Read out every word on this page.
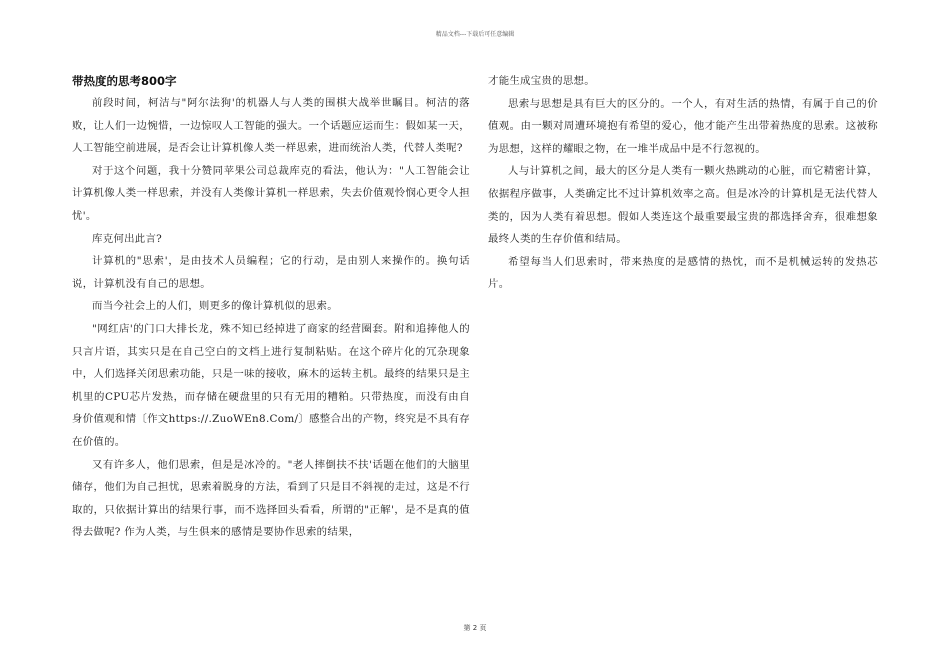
精品文档---下载后可任意编辑
带热度的思考800字

前段时间，柯洁与"阿尔法狗'的机器人与人类的围棋大战举世瞩目。柯洁的落败，让人们一边惋惜，一边惊叹人工智能的强大。一个话题应运而生：假如某一天，人工智能空前进展，是否会让计算机像人类一样思索，进而统治人类，代替人类呢?

对于这个问题，我十分赞同苹果公司总裁库克的看法，他认为："人工智能会让计算机像人类一样思索，并没有人类像计算机一样思索，失去价值观怜悯心更令人担忧'。

库克何出此言?

计算机的"思索'，是由技术人员编程；它的行动，是由别人来操作的。换句话说，计算机没有自己的思想。

而当今社会上的人们，则更多的像计算机似的思索。

"网红店'的门口大排长龙，殊不知已经掉进了商家的经营圈套。附和追捧他人的只言片语，其实只是在自己空白的文档上进行复制粘贴。在这个碎片化的冗杂现象中，人们选择关闭思索功能，只是一味的接收，麻木的运转主机。最终的结果只是主机里的CPU芯片发热，而存储在硬盘里的只有无用的糟粕。只带热度，而没有由自身价值观和情〔作文https://.ZuoWEn8.Com/〕感整合出的产物，终究是不具有存在价值的。

又有许多人，他们思索，但是是冰冷的。"老人摔倒扶不扶'话题在他们的大脑里储存，他们为自己担忧，思索着脱身的方法，看到了只是目不斜视的走过，这是不行取的，只依据计算出的结果行事，而不选择回头看看，所谓的"正解'，是不是真的值得去做呢? 作为人类，与生俱来的感情是要协作思索的结果，

才能生成宝贵的思想。

思索与思想是具有巨大的区分的。一个人，有对生活的热情，有属于自己的价值观。由一颗对周遭环境抱有希望的爱心，他才能产生出带着热度的思索。这被称为思想，这样的耀眼之物，在一堆半成品中是不行忽视的。

人与计算机之间，最大的区分是人类有一颗火热跳动的心脏，而它精密计算，依据程序做事，人类确定比不过计算机效率之高。但是冰冷的计算机是无法代替人类的，因为人类有着思想。假如人类连这个最重要最宝贵的都选择舍弃，很难想象最终人类的生存价值和结局。

希望每当人们思索时，带来热度的是感情的热忱，而不是机械运转的发热芯片。

第 2 页
